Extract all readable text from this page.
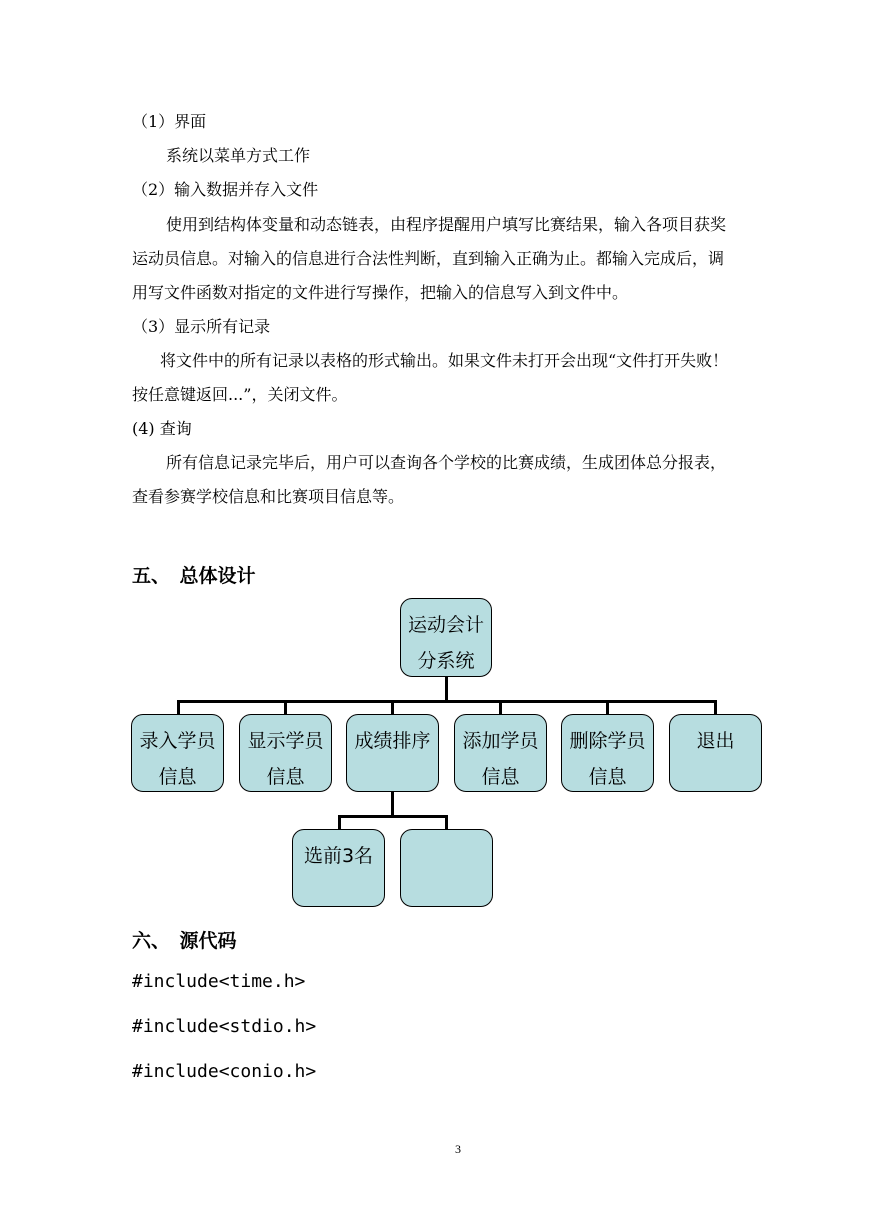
（1）界面
系统以菜单方式工作
（2）输入数据并存入文件
使用到结构体变量和动态链表，由程序提醒用户填写比赛结果，输入各项目获奖
运动员信息。对输入的信息进行合法性判断，直到输入正确为止。都输入完成后，调
用写文件函数对指定的文件进行写操作，把输入的信息写入到文件中。
（3）显示所有记录
将文件中的所有记录以表格的形式输出。如果文件未打开会出现“文件打开失败！
按任意键返回...”，关闭文件。
(4) 查询
所有信息记录完毕后，用户可以查询各个学校的比赛成绩，生成团体总分报表，
查看参赛学校信息和比赛项目信息等。
五、　总体设计
运动会计分系统
录入学员信息
显示学员信息
成绩排序	添加学员信息
删除学员信息
退出
选前3名
六、　源代码
#include<time.h>
#include<stdio.h>
#include<conio.h>
3
